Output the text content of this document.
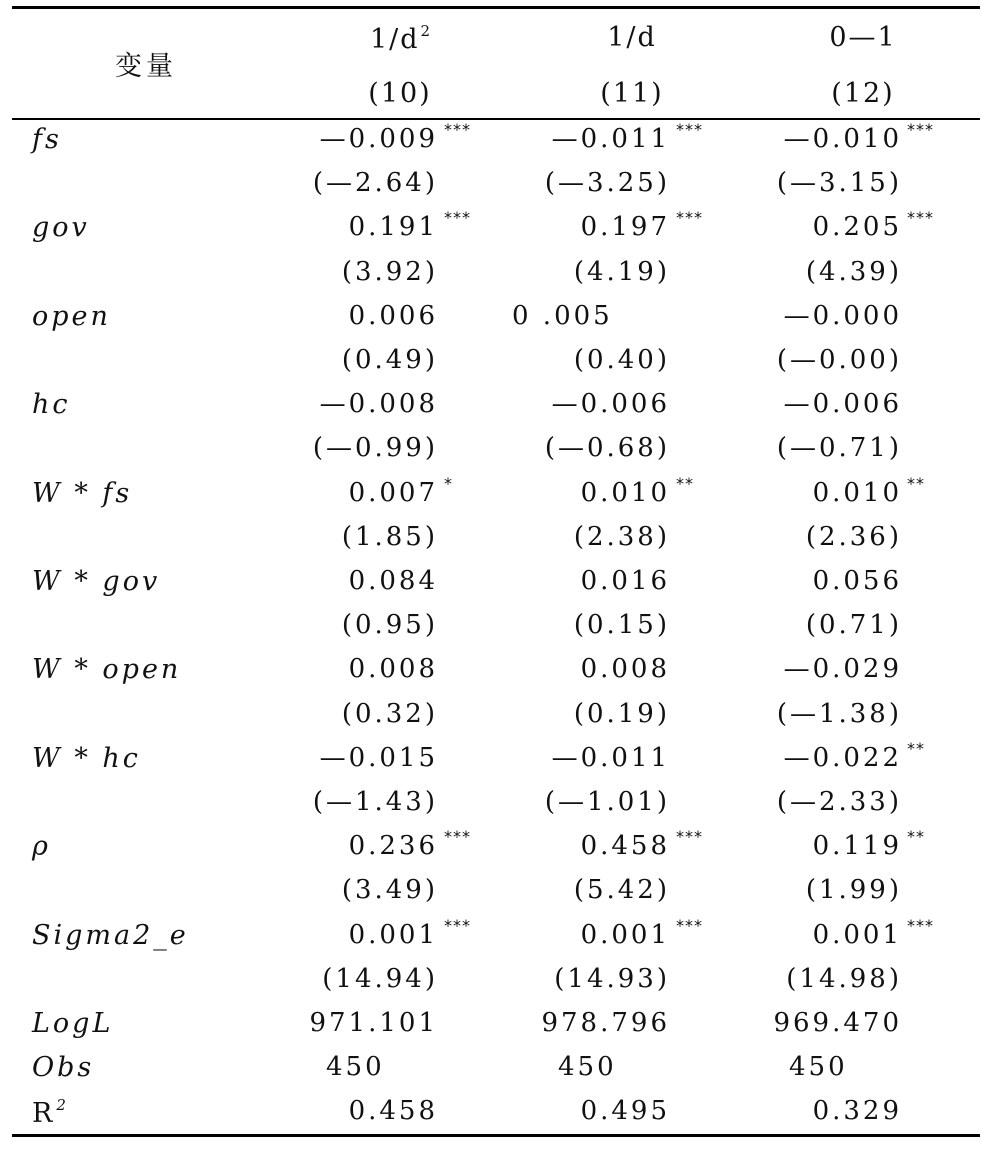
变量
$1/d^2$	1/d	0—1
(10)	(11)	(12)
fs	—0.009 ***	—0.011 ***	—0.010 ***
(—2.64)	(—3.25)	(—3.15)
gov	0.191 ***	0.197 ***	0.205 ***
(3.92)	(4.19)	(4.39)
open	0.006	0 .005	—0.000
(0.49)	(0.40)	(—0.00)
hc	—0.008	—0.006	—0.006
(—0.99)	(—0.68)	(—0.71)
W * fs	0.007 *	0.010 **	0.010 **
(1.85)	(2.38)	(2.36)
W * gov	0.084	0.016	0.056
(0.95)	(0.15)	(0.71)
W * open	0.008	0.008	—0.029
(0.32)	(0.19)	(—1.38)
W * hc	—0.015	—0.011	—0.022 **
(—1.43)	(—1.01)	(—2.33)
ρ	0.236 ***	0.458 ***	0.119 **
(3.49)	(5.42)	(1.99)
Sigma2_e	0.001 ***	0.001 ***	0.001 ***
(14.94)	(14.93)	(14.98)
LogL	971.101	978.796	969.470
Obs	450	450	450
$R^2$	0.458	0.495	0.329
